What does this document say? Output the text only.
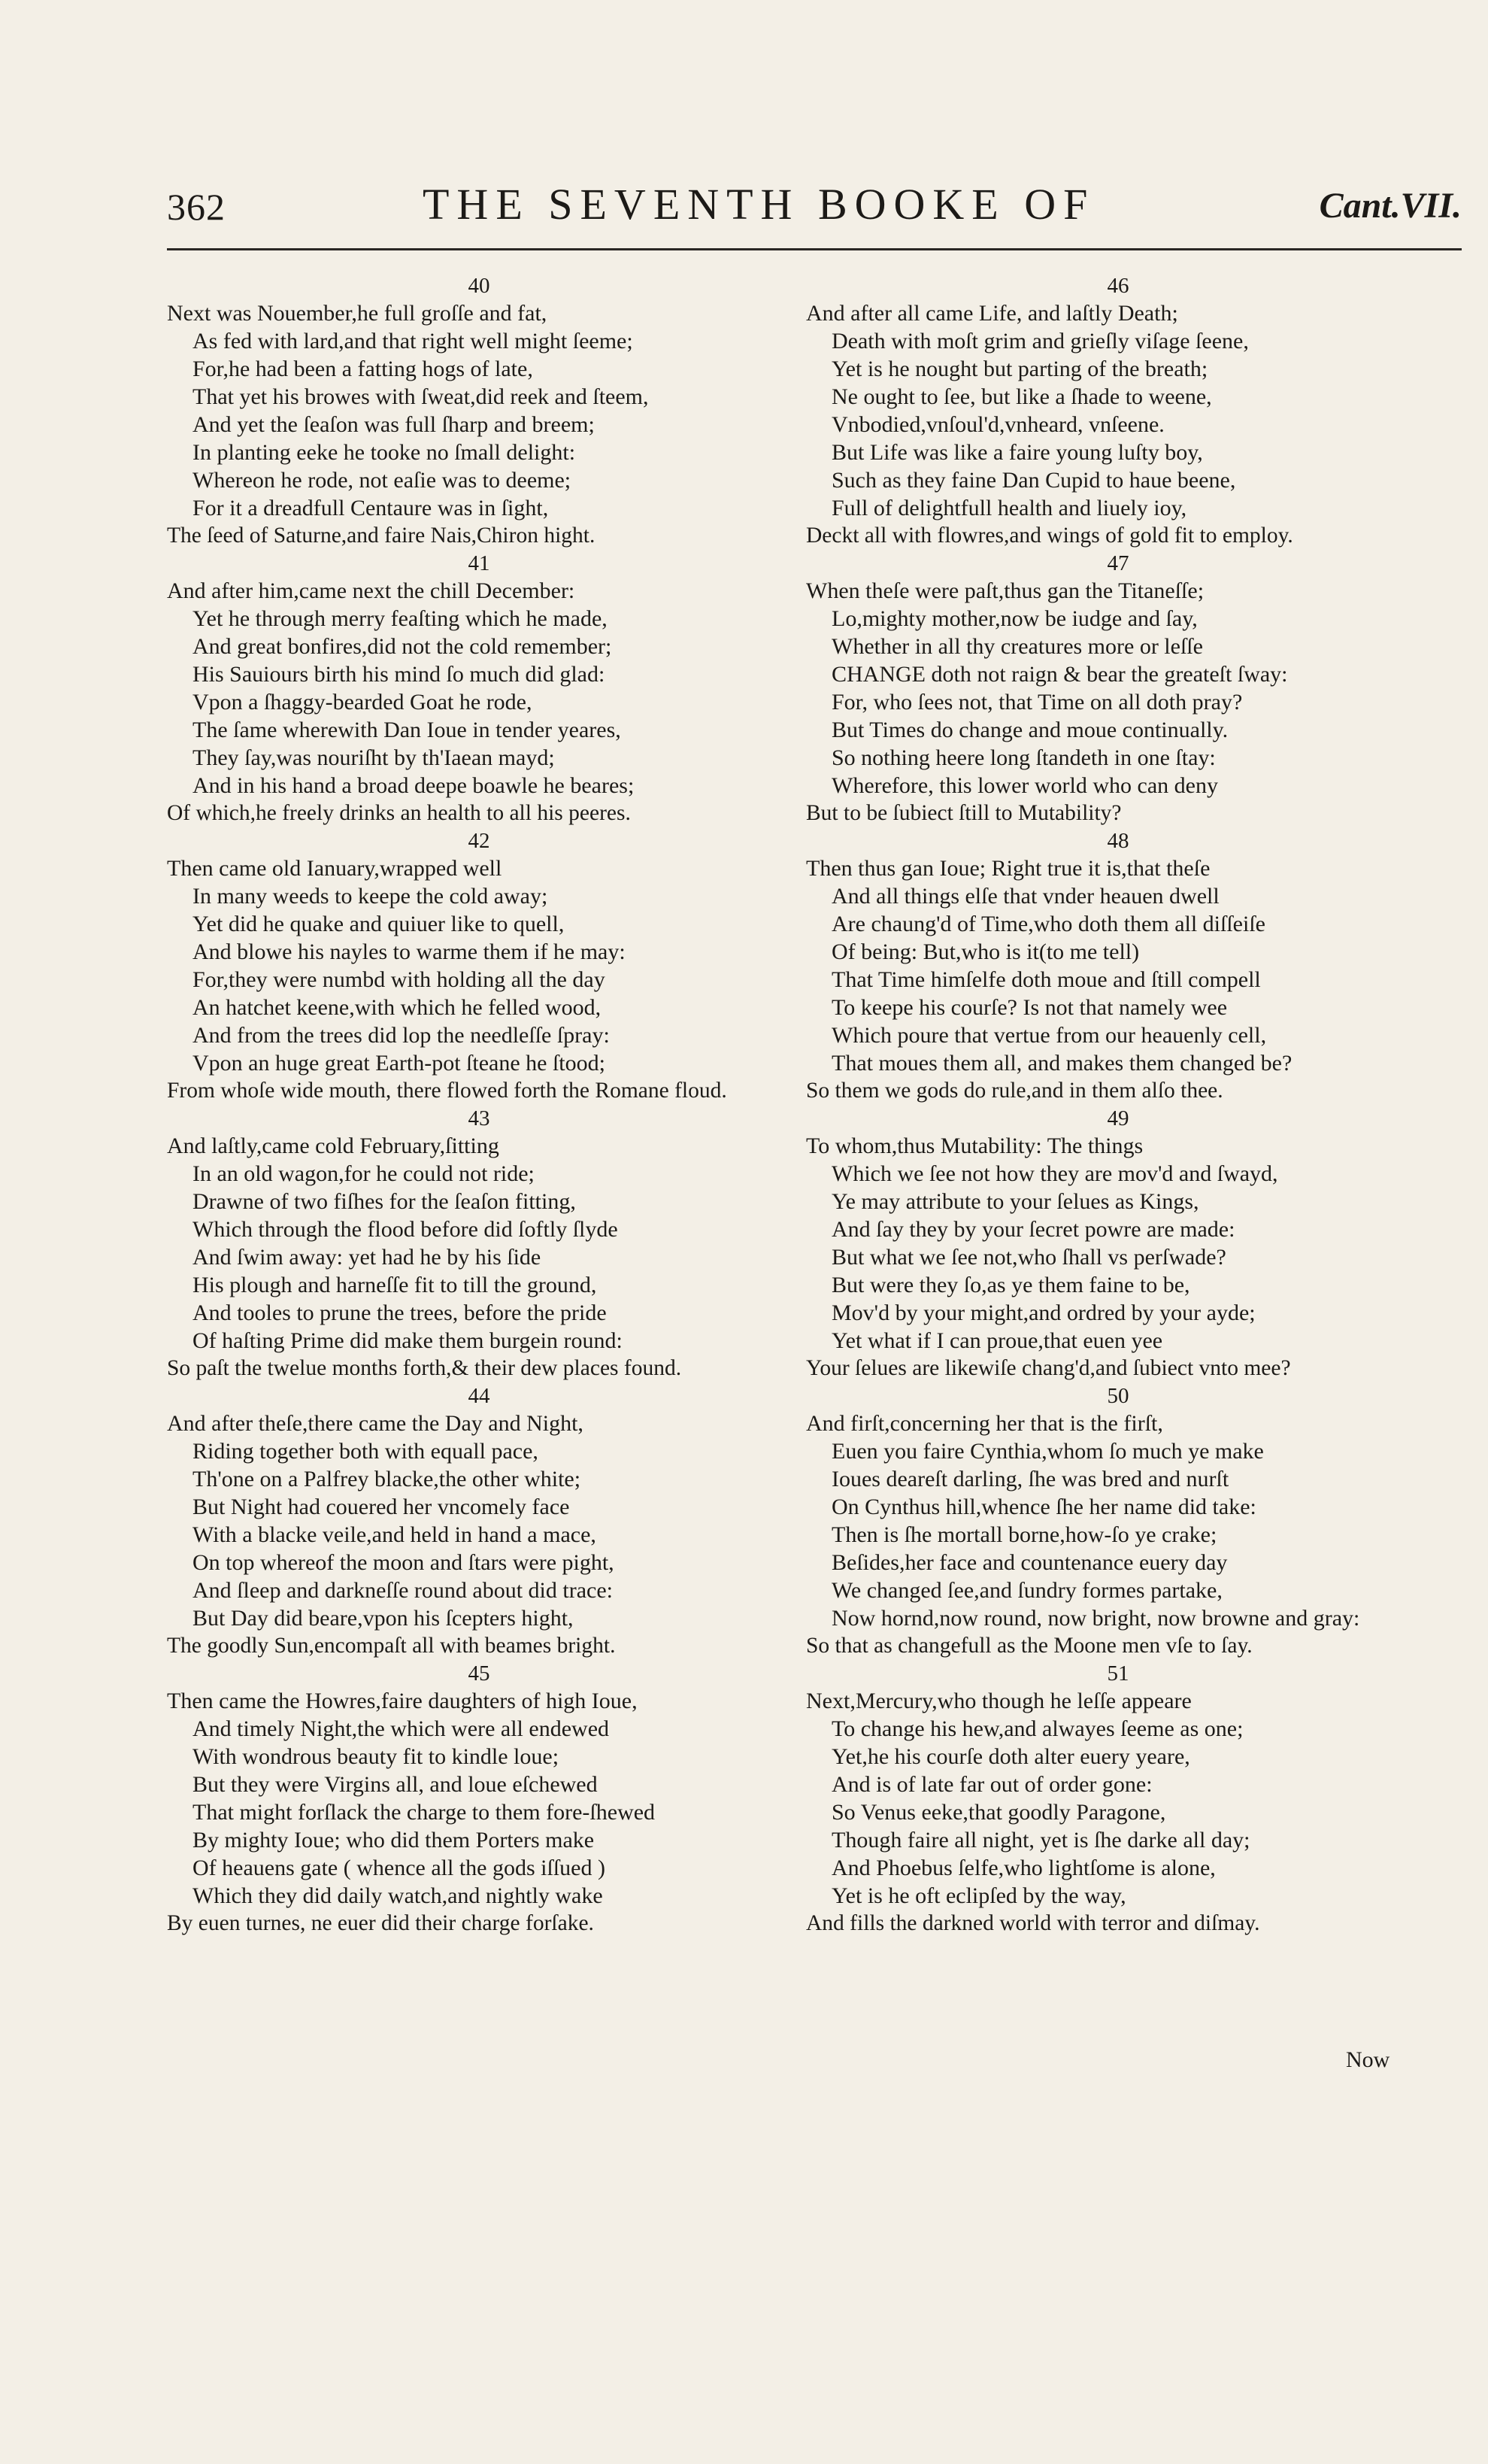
362	THE SEVENTH BOOKE OF	Cant.VII.
40
Next was Nouember,he full groſſe and fat,
As fed with lard,and that right well might ſeeme;
For,he had been a fatting hogs of late,
That yet his browes with ſweat,did reek and ſteem,
And yet the ſeaſon was full ſharp and breem;
In planting eeke he tooke no ſmall delight:
Whereon he rode, not eaſie was to deeme;
For it a dreadfull Centaure was in ſight,
The ſeed of Saturne,and faire Nais,Chiron hight.
41
And after him,came next the chill December:
Yet he through merry feaſting which he made,
And great bonfires,did not the cold remember;
His Sauiours birth his mind ſo much did glad:
Vpon a ſhaggy-bearded Goat he rode,
The ſame wherewith Dan Ioue in tender yeares,
They ſay,was nouriſht by th'Iaean mayd;
And in his hand a broad deepe boawle he beares;
Of which,he freely drinks an health to all his peeres.
42
Then came old Ianuary,wrapped well
In many weeds to keepe the cold away;
Yet did he quake and quiuer like to quell,
And blowe his nayles to warme them if he may:
For,they were numbd with holding all the day
An hatchet keene,with which he felled wood,
And from the trees did lop the needleſſe ſpray:
Vpon an huge great Earth-pot ſteane he ſtood;
From whoſe wide mouth, there flowed forth the Romane floud.
43
And laſtly,came cold February,ſitting
In an old wagon,for he could not ride;
Drawne of two fiſhes for the ſeaſon fitting,
Which through the flood before did ſoftly ſlyde
And ſwim away: yet had he by his ſide
His plough and harneſſe fit to till the ground,
And tooles to prune the trees, before the pride
Of haſting Prime did make them burgein round:
So paſt the twelue months forth,& their dew places found.
44
And after theſe,there came the Day and Night,
Riding together both with equall pace,
Th'one on a Palfrey blacke,the other white;
But Night had couered her vncomely face
With a blacke veile,and held in hand a mace,
On top whereof the moon and ſtars were pight,
And ſleep and darkneſſe round about did trace:
But Day did beare,vpon his ſcepters hight,
The goodly Sun,encompaſt all with beames bright.
45
Then came the Howres,faire daughters of high Ioue,
And timely Night,the which were all endewed
With wondrous beauty fit to kindle loue;
But they were Virgins all, and loue eſchewed
That might forſlack the charge to them fore-ſhewed
By mighty Ioue; who did them Porters make
Of heauens gate ( whence all the gods iſſued )
Which they did daily watch,and nightly wake
By euen turnes, ne euer did their charge forſake.
46
And after all came Life, and laſtly Death;
Death with moſt grim and grieſly viſage ſeene,
Yet is he nought but parting of the breath;
Ne ought to ſee, but like a ſhade to weene,
Vnbodied,vnſoul'd,vnheard, vnſeene.
But Life was like a faire young luſty boy,
Such as they faine Dan Cupid to haue beene,
Full of delightfull health and liuely ioy,
Deckt all with flowres,and wings of gold fit to employ.
47
When theſe were paſt,thus gan the Titaneſſe;
Lo,mighty mother,now be iudge and ſay,
Whether in all thy creatures more or leſſe
CHANGE doth not raign & bear the greateſt ſway:
For, who ſees not, that Time on all doth pray?
But Times do change and moue continually.
So nothing heere long ſtandeth in one ſtay:
Wherefore, this lower world who can deny
But to be ſubiect ſtill to Mutability?
48
Then thus gan Ioue; Right true it is,that theſe
And all things elſe that vnder heauen dwell
Are chaung'd of Time,who doth them all diſſeiſe
Of being: But,who is it(to me tell)
That Time himſelfe doth moue and ſtill compell
To keepe his courſe? Is not that namely wee
Which poure that vertue from our heauenly cell,
That moues them all, and makes them changed be?
So them we gods do rule,and in them alſo thee.
49
To whom,thus Mutability: The things
Which we ſee not how they are mov'd and ſwayd,
Ye may attribute to your ſelues as Kings,
And ſay they by your ſecret powre are made:
But what we ſee not,who ſhall vs perſwade?
But were they ſo,as ye them faine to be,
Mov'd by your might,and ordred by your ayde;
Yet what if I can proue,that euen yee
Your ſelues are likewiſe chang'd,and ſubiect vnto mee?
50
And firſt,concerning her that is the firſt,
Euen you faire Cynthia,whom ſo much ye make
Ioues deareſt darling, ſhe was bred and nurſt
On Cynthus hill,whence ſhe her name did take:
Then is ſhe mortall borne,how-ſo ye crake;
Beſides,her face and countenance euery day
We changed ſee,and ſundry formes partake,
Now hornd,now round, now bright, now browne and gray:
So that as changefull as the Moone men vſe to ſay.
51
Next,Mercury,who though he leſſe appeare
To change his hew,and alwayes ſeeme as one;
Yet,he his courſe doth alter euery yeare,
And is of late far out of order gone:
So Venus eeke,that goodly Paragone,
Though faire all night, yet is ſhe darke all day;
And Phoebus ſelfe,who lightſome is alone,
Yet is he oft eclipſed by the way,
And fills the darkned world with terror and diſmay.
Now
